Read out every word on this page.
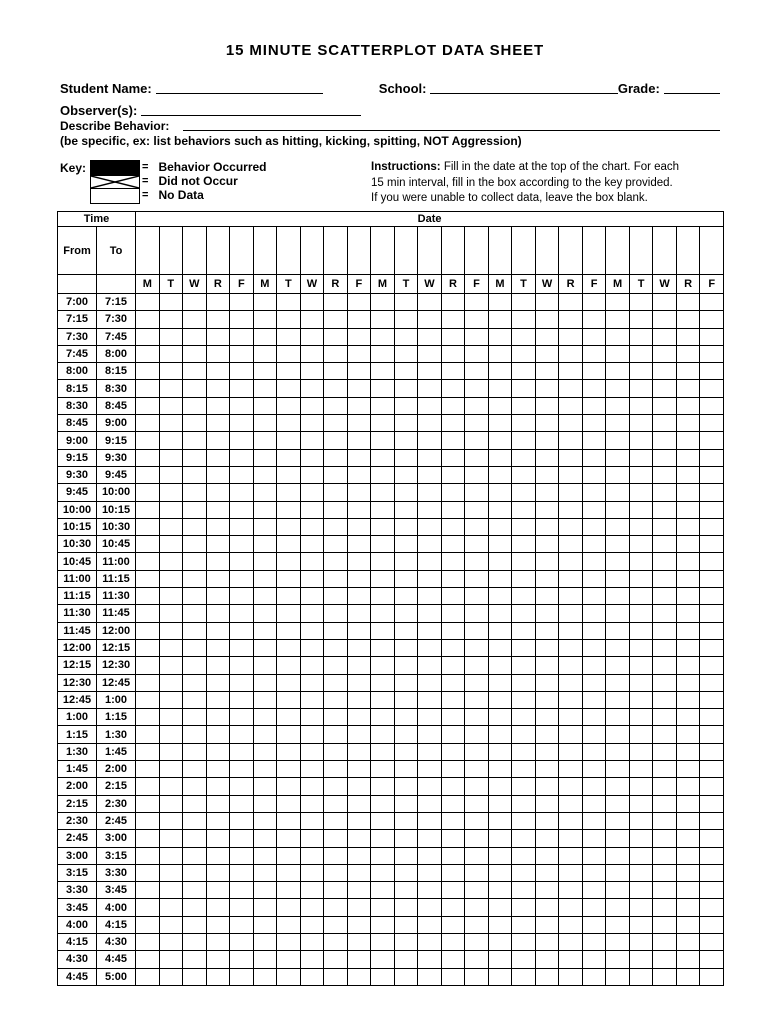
15 MINUTE SCATTERPLOT DATA SHEET
Student Name:	School:	Grade:
Observer(s):
Describe Behavior:
(be specific, ex: list behaviors such as hitting, kicking, spitting, NOT Aggression)
Key:	=
=
=
Behavior Occurred
Did not Occur
No Data
Instructions: Fill in the date at the top of the chart. For each
15 min interval, fill in the box according to the key provided.
If you were unable to collect data, leave the box blank.
Time		Date																								
From	To																									

		M	T	W	R	F	M	T	W	R	F	M	T	W	R	F	M	T	W	R	F	M	T	W	R	F
7:00	7:15																									
7:15	7:30																									
7:30	7:45																									
7:45	8:00																									
8:00	8:15																									
8:15	8:30																									
8:30	8:45																									
8:45	9:00																									
9:00	9:15																									
9:15	9:30																									
9:30	9:45																									
9:45	10:00																									
10:00	10:15																									
10:15	10:30																									
10:30	10:45																									
10:45	11:00																									
11:00	11:15																									
11:15	11:30																									
11:30	11:45																									
11:45	12:00																									
12:00	12:15																									
12:15	12:30																									
12:30	12:45																									
12:45	1:00																									
1:00	1:15																									
1:15	1:30																									
1:30	1:45																									
1:45	2:00																									
2:00	2:15																									
2:15	2:30																									
2:30	2:45																									
2:45	3:00																									
3:00	3:15																									
3:15	3:30																									
3:30	3:45																									
3:45	4:00																									
4:00	4:15																									
4:15	4:30																									
4:30	4:45																									
4:45	5:00																									
